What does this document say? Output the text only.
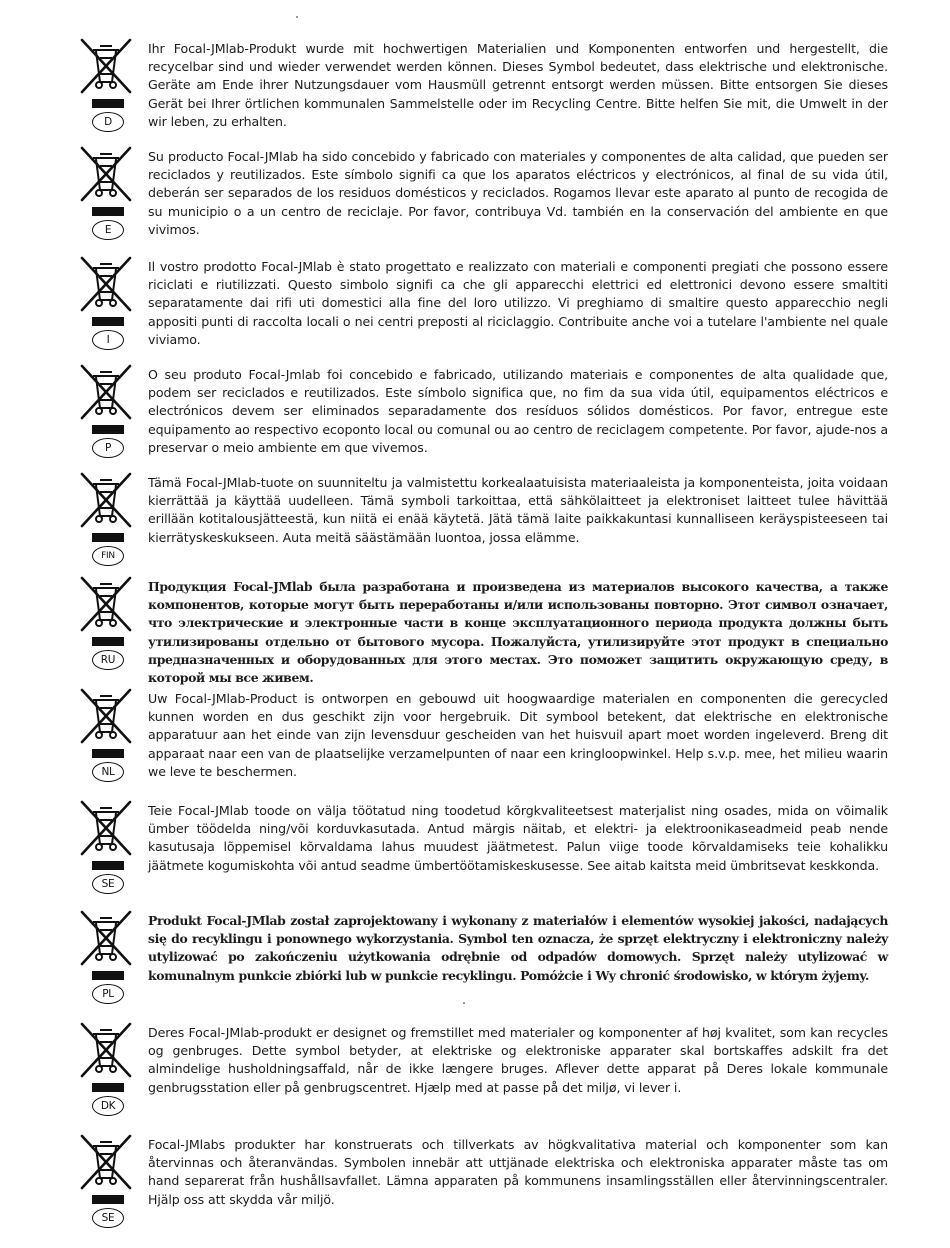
D
Ihr Focal-JMlab-Produkt wurde mit hochwertigen Materialien und Komponenten entworfen und hergestellt, die recycelbar sind und wieder verwendet werden können. Dieses Symbol bedeutet, dass elektrische und elektronische. Geräte am Ende ihrer Nutzungsdauer vom Hausmüll getrennt entsorgt werden müssen. Bitte entsorgen Sie dieses Gerät bei Ihrer örtlichen kommunalen Sammelstelle oder im Recycling Centre. Bitte helfen Sie mit, die Umwelt in der wir leben, zu erhalten.
E
Su producto Focal-JMlab ha sido concebido y fabricado con materiales y componentes de alta calidad, que pueden ser reciclados y reutilizados. Este símbolo signifi ca que los aparatos eléctricos y electrónicos, al final de su vida útil, deberán ser separados de los residuos domésticos y reciclados. Rogamos llevar este aparato al punto de recogida de su municipio o a un centro de reciclaje. Por favor, contribuya Vd. también en la conservación del ambiente en que vivimos.
I
Il vostro prodotto Focal-JMlab è stato progettato e realizzato con materiali e componenti pregiati che possono essere riciclati e riutilizzati. Questo simbolo signifi ca che gli apparecchi elettrici ed elettronici devono essere smaltiti separatamente dai rifi uti domestici alla fine del loro utilizzo. Vi preghiamo di smaltire questo apparecchio negli appositi punti di raccolta locali o nei centri preposti al riciclaggio. Contribuite anche voi a tutelare l'ambiente nel quale viviamo.
P
O seu produto Focal-Jmlab foi concebido e fabricado, utilizando materiais e componentes de alta qualidade que, podem ser reciclados e reutilizados. Este símbolo significa que, no fim da sua vida útil, equipamentos eléctricos e electrónicos devem ser eliminados separadamente dos resíduos sólidos domésticos. Por favor, entregue este equipamento ao respectivo ecoponto local ou comunal ou ao centro de reciclagem competente. Por favor, ajude-nos a preservar o meio ambiente em que vivemos.
FIN
Tämä Focal-JMlab-tuote on suunniteltu ja valmistettu korkealaatuisista materiaaleista ja komponenteista, joita voidaan kierrättää ja käyttää uudelleen. Tämä symboli tarkoittaa, että sähkölaitteet ja elektroniset laitteet tulee hävittää erillään kotitalousjätteestä, kun niitä ei enää käytetä. Jätä tämä laite paikkakuntasi kunnalliseen keräyspisteeseen tai kierrätyskeskukseen. Auta meitä säästämään luontoa, jossa elämme.
RU
Продукция Focal-JMlab была разработана и произведена из материалов высокого качества, а также компонентов, которые могут быть переработаны и/или использованы повторно. Этот символ означает, что электрические и электронные части в конце эксплуатационного периода продукта должны быть утилизированы отдельно от бытового мусора. Пожалуйста, утилизируйте этот продукт в специально предназначенных и оборудованных для этого местах. Это поможет защитить окружающую среду, в которой мы все живем.
NL
Uw Focal-JMlab-Product is ontworpen en gebouwd uit hoogwaardige materialen en componenten die gerecycled kunnen worden en dus geschikt zijn voor hergebruik. Dit symbool betekent, dat elektrische en elektronische apparatuur aan het einde van zijn levensduur gescheiden van het huisvuil apart moet worden ingeleverd. Breng dit apparaat naar een van de plaatselijke verzamelpunten of naar een kringloopwinkel. Help s.v.p. mee, het milieu waarin we leve te beschermen.
SE
Teie Focal-JMlab toode on välja töötatud ning toodetud kõrgkvaliteetsest materjalist ning osades, mida on võimalik ümber töödelda ning/või korduvkasutada. Antud märgis näitab, et elektri- ja elektroonikaseadmeid peab nende kasutusaja lõppemisel kõrvaldama lahus muudest jäätmetest. Palun viige toode kõrvaldamiseks teie kohalikku jäätmete kogumiskohta või antud seadme ümbertöötamiskeskusesse. See aitab kaitsta meid ümbritsevat keskkonda.
PL
Produkt Focal-JMlab został zaprojektowany i wykonany z materiałów i elementów wysokiej jakości, nadających się do recyklingu i ponownego wykorzystania. Symbol ten oznacza, że sprzęt elektryczny i elektroniczny należy utylizować po zakończeniu użytkowania odrębnie od odpadów domowych. Sprzęt należy utylizować w komunalnym punkcie zbiórki lub w punkcie recyklingu. Pomóżcie i Wy chronić środowisko, w którym żyjemy.
DK
Deres Focal-JMlab-produkt er designet og fremstillet med materialer og komponenter af høj kvalitet, som kan recycles og genbruges. Dette symbol betyder, at elektriske og elektroniske apparater skal bortskaffes adskilt fra det almindelige husholdningsaffald, når de ikke længere bruges. Aflever dette apparat på Deres lokale kommunale genbrugsstation eller på genbrugscentret. Hjælp med at passe på det miljø, vi lever i.
SE
Focal-JMlabs produkter har konstruerats och tillverkats av högkvalitativa material och komponenter som kan återvinnas och återanvändas. Symbolen innebär att uttjänade elektriska och elektroniska apparater måste tas om hand separerat från hushållsavfallet. Lämna apparaten på kommunens insamlingsställen eller återvinningscentraler. Hjälp oss att skydda vår miljö.
